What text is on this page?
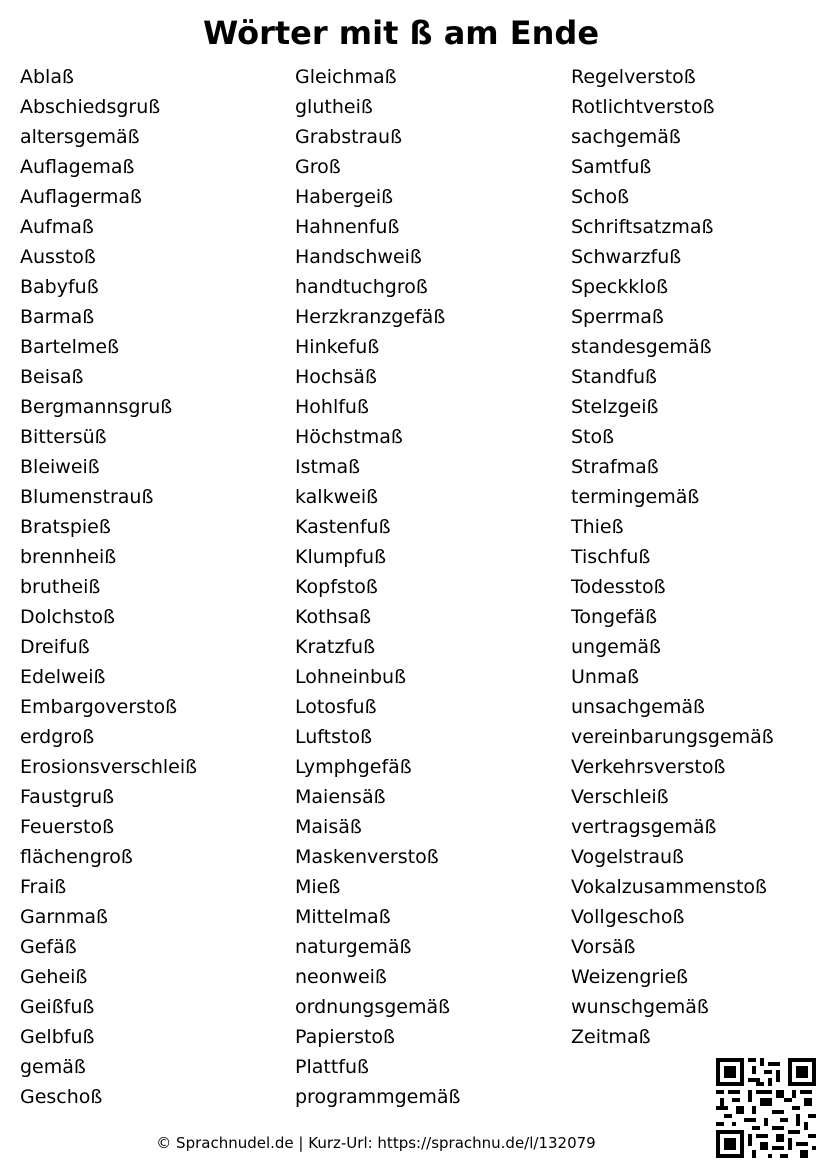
Wörter mit ß am Ende
Ablaß
Abschiedsgruß
altersgemäß
Auflagemaß
Auflagermaß
Aufmaß
Ausstoß
Babyfuß
Barmaß
Bartelmeß
Beisaß
Bergmannsgruß
Bittersüß
Bleiweiß
Blumenstrauß
Bratspieß
brennheiß
brutheiß
Dolchstoß
Dreifuß
Edelweiß
Embargoverstoß
erdgroß
Erosionsverschleiß
Faustgruß
Feuerstoß
flächengroß
Fraiß
Garnmaß
Gefäß
Geheiß
Geißfuß
Gelbfuß
gemäß
Geschoß
Gleichmaß
glutheiß
Grabstrauß
Groß
Habergeiß
Hahnenfuß
Handschweiß
handtuchgroß
Herzkranzgefäß
Hinkefuß
Hochsäß
Hohlfuß
Höchstmaß
Istmaß
kalkweiß
Kastenfuß
Klumpfuß
Kopfstoß
Kothsaß
Kratzfuß
Lohneinbuß
Lotosfuß
Luftstoß
Lymphgefäß
Maiensäß
Maisäß
Maskenverstoß
Mieß
Mittelmaß
naturgemäß
neonweiß
ordnungsgemäß
Papierstoß
Plattfuß
programmgemäß
Regelverstoß
Rotlichtverstoß
sachgemäß
Samtfuß
Schoß
Schriftsatzmaß
Schwarzfuß
Speckkloß
Sperrmaß
standesgemäß
Standfuß
Stelzgeiß
Stoß
Strafmaß
termingemäß
Thieß
Tischfuß
Todesstoß
Tongefäß
ungemäß
Unmaß
unsachgemäß
vereinbarungsgemäß
Verkehrsverstoß
Verschleiß
vertragsgemäß
Vogelstrauß
Vokalzusammenstoß
Vollgeschoß
Vorsäß
Weizengrieß
wunschgemäß
Zeitmaß
© Sprachnudel.de | Kurz-Url: https://sprachnu.de/l/132079
